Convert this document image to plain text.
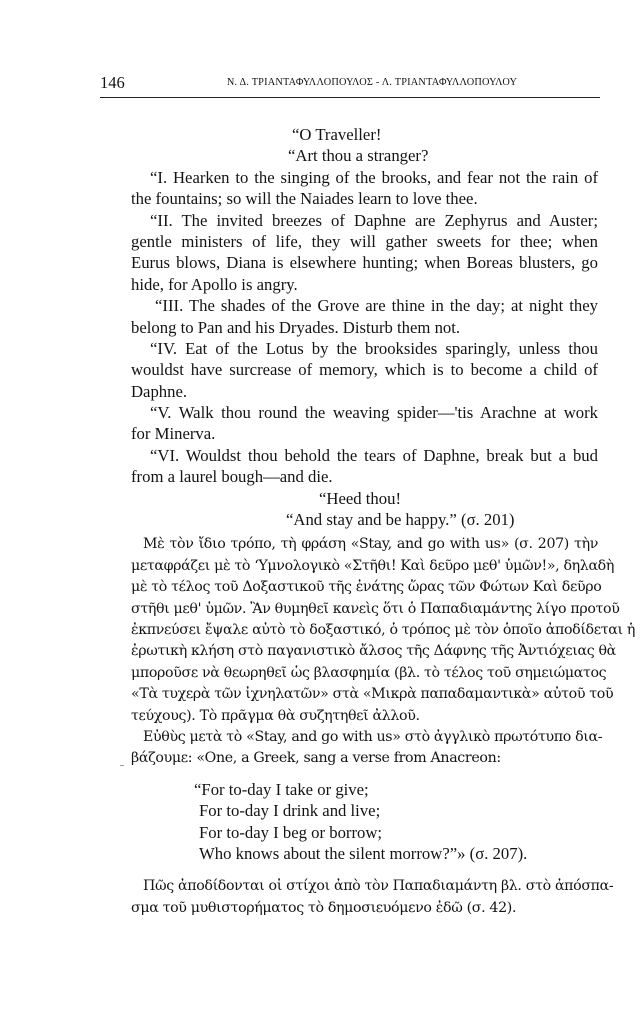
146	Ν. Δ. ΤΡΙΑΝΤΑΦΥΛΛΟΠΟΥΛΟΣ - Λ. ΤΡΙΑΝΤΑΦΥΛΛΟΠΟΥΛΟΥ
“O Traveller!
“Art thou a stranger?
“I. Hearken to the singing of the brooks, and fear not the rain of
the fountains; so will the Naiades learn to love thee.
“II. The invited breezes of Daphne are Zephyrus and Auster;
gentle ministers of life, they will gather sweets for thee; when
Eurus blows, Diana is elsewhere hunting; when Boreas blusters, go
hide, for Apollo is angry.
“III. The shades of the Grove are thine in the day; at night they
belong to Pan and his Dryades. Disturb them not.
“IV. Eat of the Lotus by the brooksides sparingly, unless thou
wouldst have surcrease of memory, which is to become a child of
Daphne.
“V. Walk thou round the weaving spider—'tis Arachne at work
for Minerva.
“VI. Wouldst thou behold the tears of Daphne, break but a bud
from a laurel bough—and die.
“Heed thou!
“And stay and be happy.” (σ. 201)
Μὲ τὸν ἴδιο τρόπο, τὴ φράση «Stay, and go with us» (σ. 207) τὴν
μεταφράζει μὲ τὸ ‘Υμνολογικὸ «Στῆθι! Καὶ δεῦρο μεθ' ὑμῶν!», δηλαδὴ
μὲ τὸ τέλος τοῦ Δοξαστικοῦ τῆς ἐνάτης ὥρας τῶν Φώτων Καὶ δεῦρο
στῆθι μεθ' ὑμῶν. Ἂν θυμηθεῖ κανεὶς ὅτι ὁ Παπαδιαμάντης λίγο προτοῦ
ἐκπνεύσει ἔψαλε αὐτὸ τὸ δοξαστικό, ὁ τρόπος μὲ τὸν ὁποῖο ἀποδίδεται ἡ
ἐρωτικὴ κλήση στὸ παγανιστικὸ ἄλσος τῆς Δάφνης τῆς Ἀντιόχειας θὰ
μποροῦσε νὰ θεωρηθεῖ ὡς βλασφημία (βλ. τὸ τέλος τοῦ σημειώματος
«Τὰ τυχερὰ τῶν ἰχνηλατῶν» στὰ «Μικρὰ παπαδαμαντικὰ» αὐτοῦ τοῦ
τεύχους). Τὸ πρᾶγμα θὰ συζητηθεῖ ἀλλοῦ.
Εὐθὺς μετὰ τὸ «Stay, and go with us» στὸ ἀγγλικὸ πρωτότυπο δια-
βάζουμε: «One, a Greek, sang a verse from Anacreon:
“For to-day I take or give;
For to-day I drink and live;
For to-day I beg or borrow;
Who knows about the silent morrow?”» (σ. 207).
Πῶς ἀποδίδονται οἱ στίχοι ἀπὸ τὸν Παπαδιαμάντη βλ. στὸ ἀπόσπα-
σμα τοῦ μυθιστορήματος τὸ δημοσιευόμενο ἐδῶ (σ. 42).
